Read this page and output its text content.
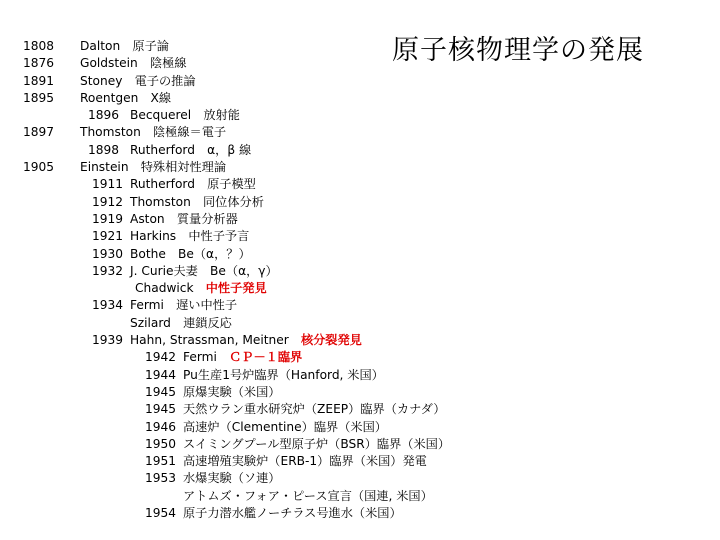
原子核物理学の発展
1808 Dalton　原子論
1876 Goldstein　陰極線
1891 Stoney　電子の推論
1895 Roentgen　X線
1896 Becquerel　放射能
1897 Thomston　陰極線＝電子
1898 Rutherford　α，β 線
1905 Einstein　特殊相対性理論
1911 Rutherford　原子模型
1912 Thomston　同位体分析
1919 Aston　質量分析器
1921 Harkins　中性子予言
1930 Bothe　Be（α，？）
1932 J. Curie夫妻　Be（α，γ）
Chadwick　中性子発見
1934 Fermi　遅い中性子
Szilard　連鎖反応
1939 Hahn, Strassman, Meitner　核分裂発見
1942 Fermi　ＣＰ－１臨界
1944 Pu生産1号炉臨界（Hanford, 米国）
1945 原爆実験（米国）
1945 天然ウラン重水研究炉（ZEEP）臨界（カナダ）
1946 高速炉（Clementine）臨界（米国）
1950 スイミングプール型原子炉（BSR）臨界（米国）
1951 高速増殖実験炉（ERB-1）臨界（米国）発電
1953 水爆実験（ソ連）
アトムズ・フォア・ピース宣言（国連, 米国）
1954 原子力潜水艦ノーチラス号進水（米国）
